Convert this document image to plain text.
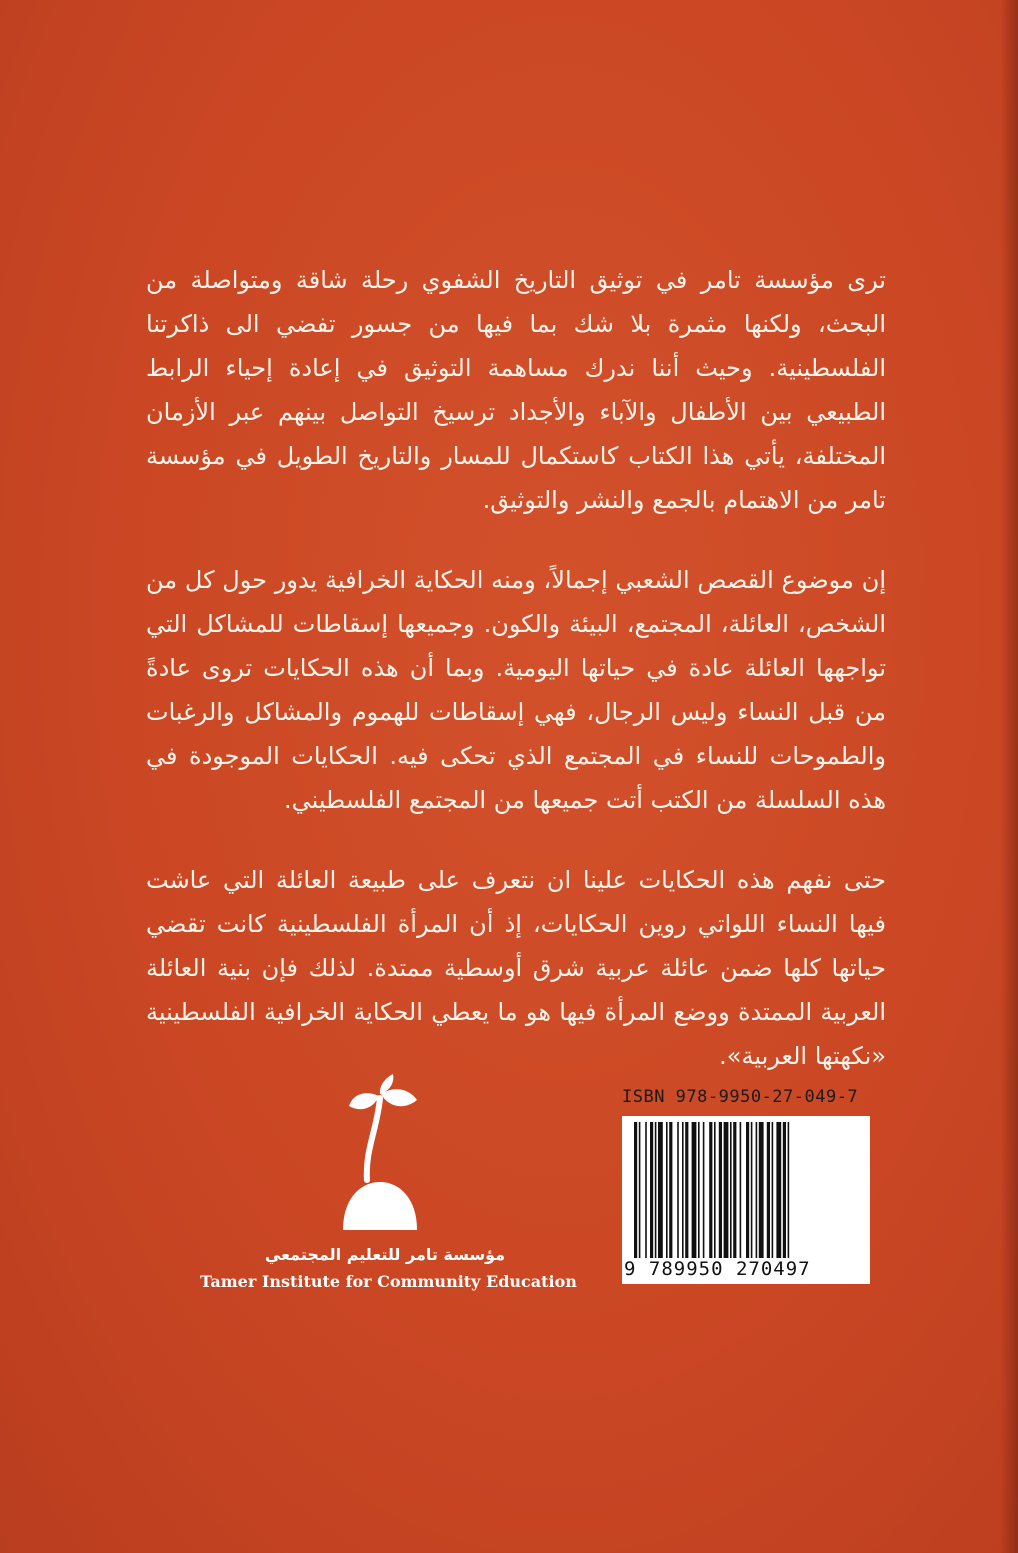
ترى مؤسسة تامر في توثيق التاريخ الشفوي رحلة شاقة ومتواصلة من البحث، ولكنها مثمرة بلا شك بما فيها من جسور تفضي الى ذاكرتنا الفلسطينية. وحيث أننا ندرك مساهمة التوثيق في إعادة إحياء الرابط الطبيعي بين الأطفال والآباء والأجداد ترسيخ التواصل بينهم عبر الأزمان المختلفة، يأتي هذا الكتاب كاستكمال للمسار والتاريخ الطويل في مؤسسة تامر من الاهتمام بالجمع والنشر والتوثيق.

إن موضوع القصص الشعبي إجمالاً، ومنه الحكاية الخرافية يدور حول كل من الشخص، العائلة، المجتمع، البيئة والكون. وجميعها إسقاطات للمشاكل التي تواجهها العائلة عادة في حياتها اليومية. وبما أن هذه الحكايات تروى عادةً من قبل النساء وليس الرجال، فهي إسقاطات للهموم والمشاكل والرغبات والطموحات للنساء في المجتمع الذي تحكى فيه. الحكايات الموجودة في هذه السلسلة من الكتب أتت جميعها من المجتمع الفلسطيني.

حتى نفهم هذه الحكايات علينا ان نتعرف على طبيعة العائلة التي عاشت فيها النساء اللواتي روين الحكايات، إذ أن المرأة الفلسطينية كانت تقضي حياتها كلها ضمن عائلة عربية شرق أوسطية ممتدة. لذلك فإن بنية العائلة العربية الممتدة ووضع المرأة فيها هو ما يعطي الحكاية الخرافية الفلسطينية «نكهتها العربية».

مؤسسة تامر للتعليم المجتمعي
Tamer Institute for Community Education
ISBN 978-9950-27-049-7
9 789950 270497
